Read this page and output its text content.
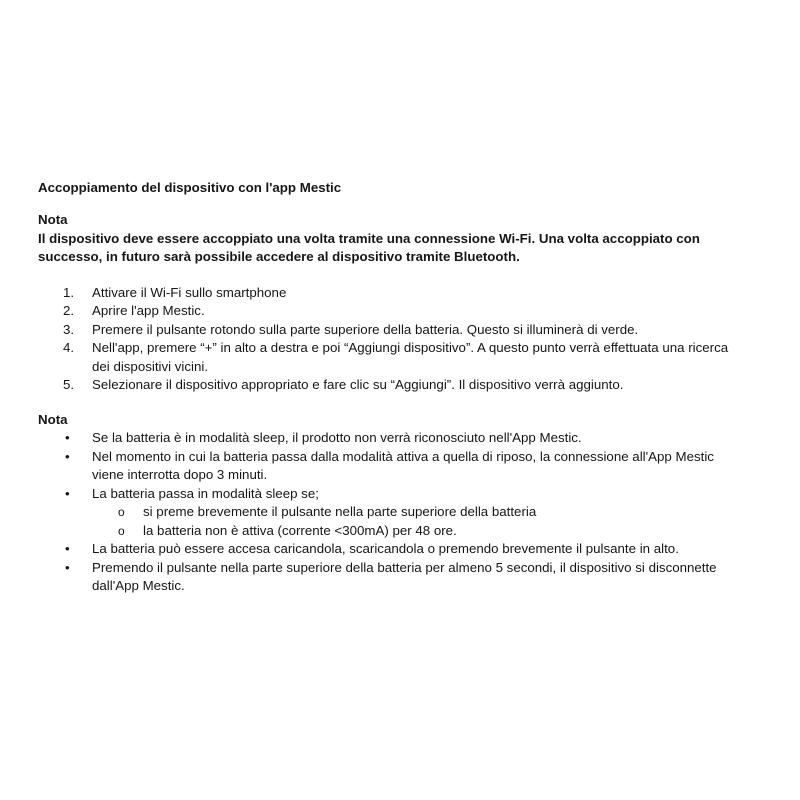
Accoppiamento del dispositivo con l'app Mestic
Nota

Il dispositivo deve essere accoppiato una volta tramite una connessione Wi-Fi. Una volta accoppiato con successo, in futuro sarà possibile accedere al dispositivo tramite Bluetooth.

1.	Attivare il Wi-Fi sullo smartphone
2.	Aprire l'app Mestic.
3.	Premere il pulsante rotondo sulla parte superiore della batteria. Questo si illuminerà di verde.
4.	Nell'app, premere “+” in alto a destra e poi “Aggiungi dispositivo”. A questo punto verrà effettuata una ricerca dei dispositivi vicini.
5.	Selezionare il dispositivo appropriato e fare clic su “Aggiungi”. Il dispositivo verrà aggiunto.
Nota
•	Se la batteria è in modalità sleep, il prodotto non verrà riconosciuto nell'App Mestic.
•	Nel momento in cui la batteria passa dalla modalità attiva a quella di riposo, la connessione all'App Mestic viene interrotta dopo 3 minuti.
•	La batteria passa in modalità sleep se;
o	si preme brevemente il pulsante nella parte superiore della batteria
o	la batteria non è attiva (corrente <300mA) per 48 ore.
•	La batteria può essere accesa caricandola, scaricandola o premendo brevemente il pulsante in alto.
•	Premendo il pulsante nella parte superiore della batteria per almeno 5 secondi, il dispositivo si disconnette dall'App Mestic.
